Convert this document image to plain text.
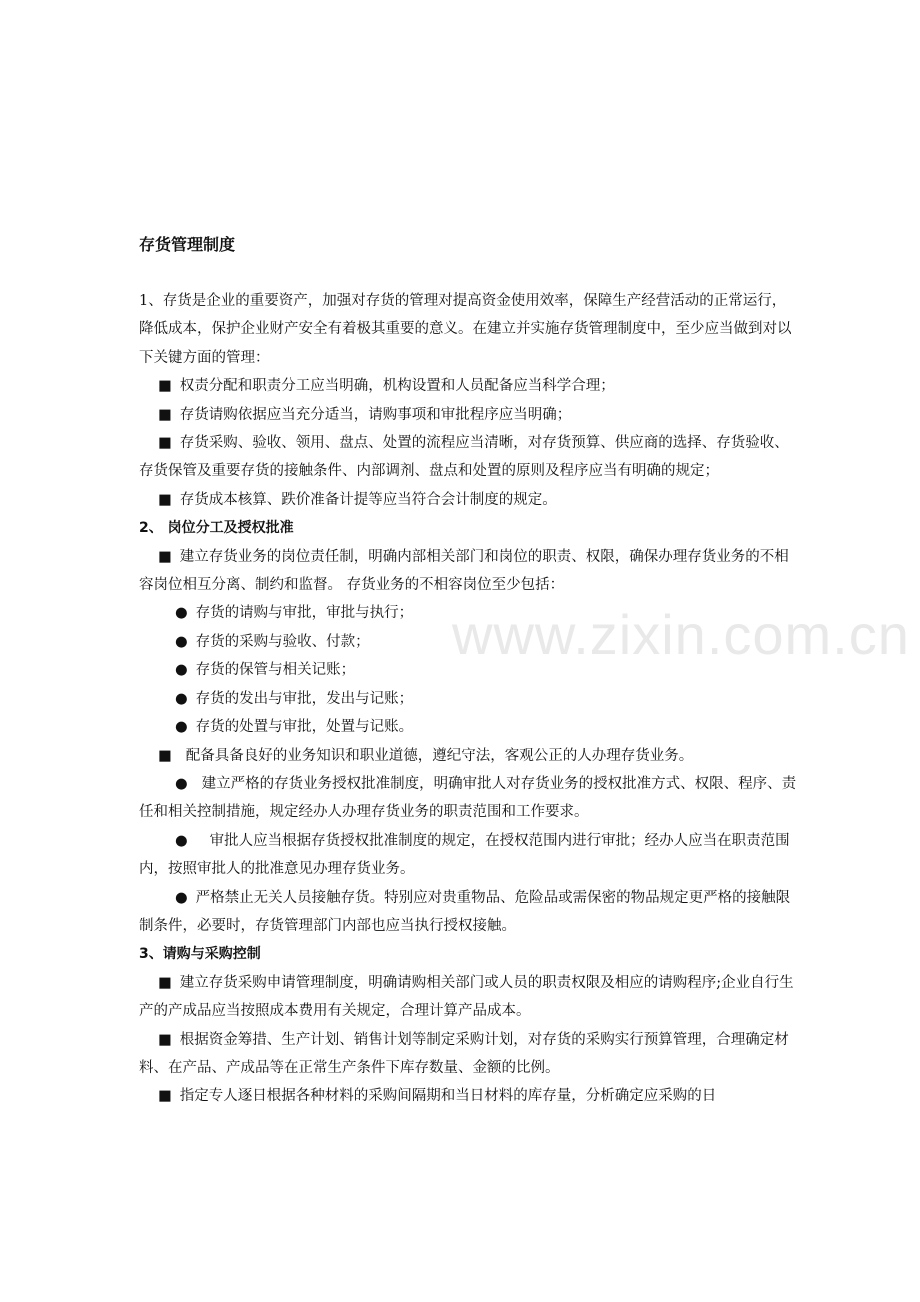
www.zixin.com.cn
存货管理制度

1、存货是企业的重要资产，加强对存货的管理对提高资金使用效率，保障生产经营活动的正常运行，降低成本，保护企业财产安全有着极其重要的意义。在建立并实施存货管理制度中，至少应当做到对以下关键方面的管理：

■ 权责分配和职责分工应当明确，机构设置和人员配备应当科学合理；

■ 存货请购依据应当充分适当，请购事项和审批程序应当明确；

■ 存货采购、验收、领用、盘点、处置的流程应当清晰，对存货预算、供应商的选择、存货验收、存货保管及重要存货的接触条件、内部调剂、盘点和处置的原则及程序应当有明确的规定；

■ 存货成本核算、跌价准备计提等应当符合会计制度的规定。

2、 岗位分工及授权批准

■ 建立存货业务的岗位责任制，明确内部相关部门和岗位的职责、权限，确保办理存货业务的不相容岗位相互分离、制约和监督。 存货业务的不相容岗位至少包括：

● 存货的请购与审批，审批与执行；

● 存货的采购与验收、付款；

● 存货的保管与相关记账；

● 存货的发出与审批，发出与记账；

● 存货的处置与审批，处置与记账。

■ 配备具备良好的业务知识和职业道德，遵纪守法，客观公正的人办理存货业务。

● 建立严格的存货业务授权批准制度，明确审批人对存货业务的授权批准方式、权限、程序、责任和相关控制措施，规定经办人办理存货业务的职责范围和工作要求。

● 审批人应当根据存货授权批准制度的规定，在授权范围内进行审批；经办人应当在职责范围内，按照审批人的批准意见办理存货业务。

● 严格禁止无关人员接触存货。特别应对贵重物品、危险品或需保密的物品规定更严格的接触限制条件，必要时，存货管理部门内部也应当执行授权接触。

3、请购与采购控制

■ 建立存货采购申请管理制度，明确请购相关部门或人员的职责权限及相应的请购程序;企业自行生产的产成品应当按照成本费用有关规定，合理计算产品成本。

■ 根据资金筹措、生产计划、销售计划等制定采购计划，对存货的采购实行预算管理，合理确定材料、在产品、产成品等在正常生产条件下库存数量、金额的比例。

■ 指定专人逐日根据各种材料的采购间隔期和当日材料的库存量，分析确定应采购的日
